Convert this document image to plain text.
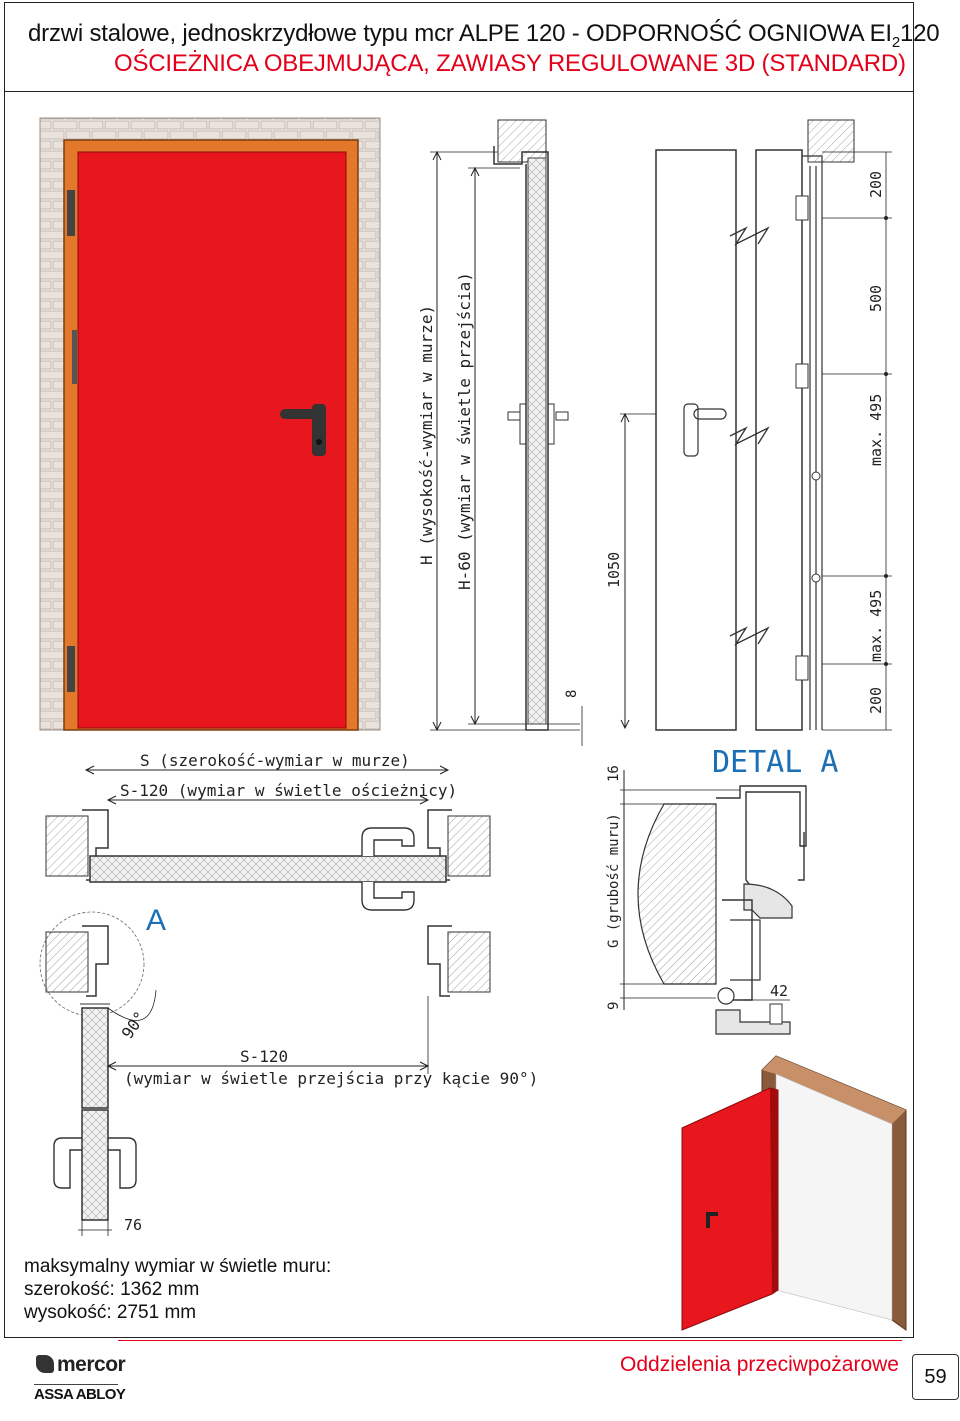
drzwi stalowe, jednoskrzydłowe typu mcr ALPE 120 - ODPORNOŚĆ OGNIOWA $EI_2120$
OŚCIEŻNICA OBEJMUJĄCA, ZAWIASY REGULOWANE 3D (STANDARD)
H (wysokość-wymiar w murze) H-60 (wymiar w świetle przejścia)	1050
8
200
500
max. 495
max. 495
200
S (szerokość-wymiar w murze)
S-120 (wymiar w świetle ościeżnicy)
A
90°
S-120
(wymiar w świetle przejścia przy kącie 90°)
76
DETAL A
16
G (grubość muru)
9
42
maksymalny wymiar w świetle muru:
szerokość: 1362 mm
wysokość: 2751 mm
mercor
ASSA ABLOY
Oddzielenia przeciwpożarowe
59
